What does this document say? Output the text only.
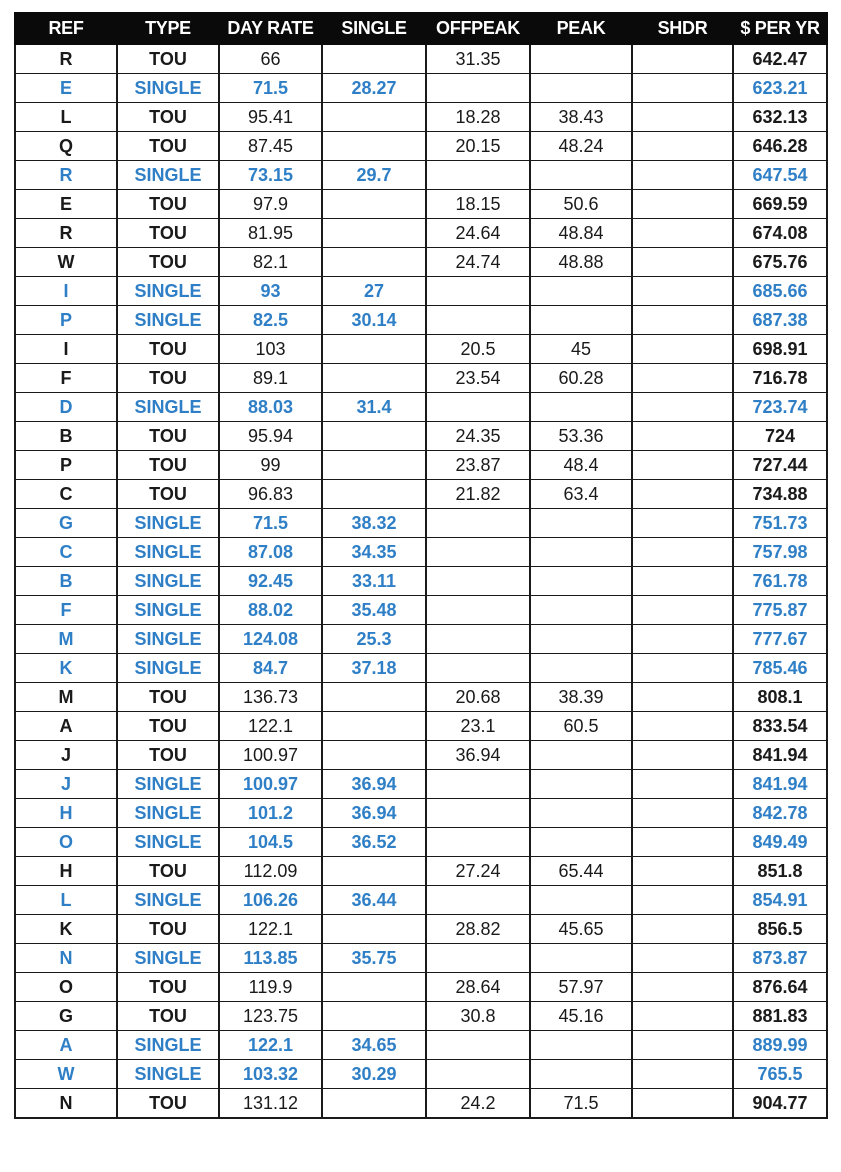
REF	TYPE	DAY RATE	SINGLE	OFFPEAK	PEAK	SHDR	$ PER YR
R	TOU	66		31.35			642.47
E	SINGLE	71.5	28.27				623.21
L	TOU	95.41		18.28	38.43		632.13
Q	TOU	87.45		20.15	48.24		646.28
R	SINGLE	73.15	29.7				647.54
E	TOU	97.9		18.15	50.6		669.59
R	TOU	81.95		24.64	48.84		674.08
W	TOU	82.1		24.74	48.88		675.76
I	SINGLE	93	27				685.66
P	SINGLE	82.5	30.14				687.38
I	TOU	103		20.5	45		698.91
F	TOU	89.1		23.54	60.28		716.78
D	SINGLE	88.03	31.4				723.74
B	TOU	95.94		24.35	53.36		724
P	TOU	99		23.87	48.4		727.44
C	TOU	96.83		21.82	63.4		734.88
G	SINGLE	71.5	38.32				751.73
C	SINGLE	87.08	34.35				757.98
B	SINGLE	92.45	33.11				761.78
F	SINGLE	88.02	35.48				775.87
M	SINGLE	124.08	25.3				777.67
K	SINGLE	84.7	37.18				785.46
M	TOU	136.73		20.68	38.39		808.1
A	TOU	122.1		23.1	60.5		833.54
J	TOU	100.97		36.94			841.94
J	SINGLE	100.97	36.94				841.94
H	SINGLE	101.2	36.94				842.78
O	SINGLE	104.5	36.52				849.49
H	TOU	112.09		27.24	65.44		851.8
L	SINGLE	106.26	36.44				854.91
K	TOU	122.1		28.82	45.65		856.5
N	SINGLE	113.85	35.75				873.87
O	TOU	119.9		28.64	57.97		876.64
G	TOU	123.75		30.8	45.16		881.83
A	SINGLE	122.1	34.65				889.99
W	SINGLE	103.32	30.29				765.5
N	TOU	131.12		24.2	71.5		904.77
